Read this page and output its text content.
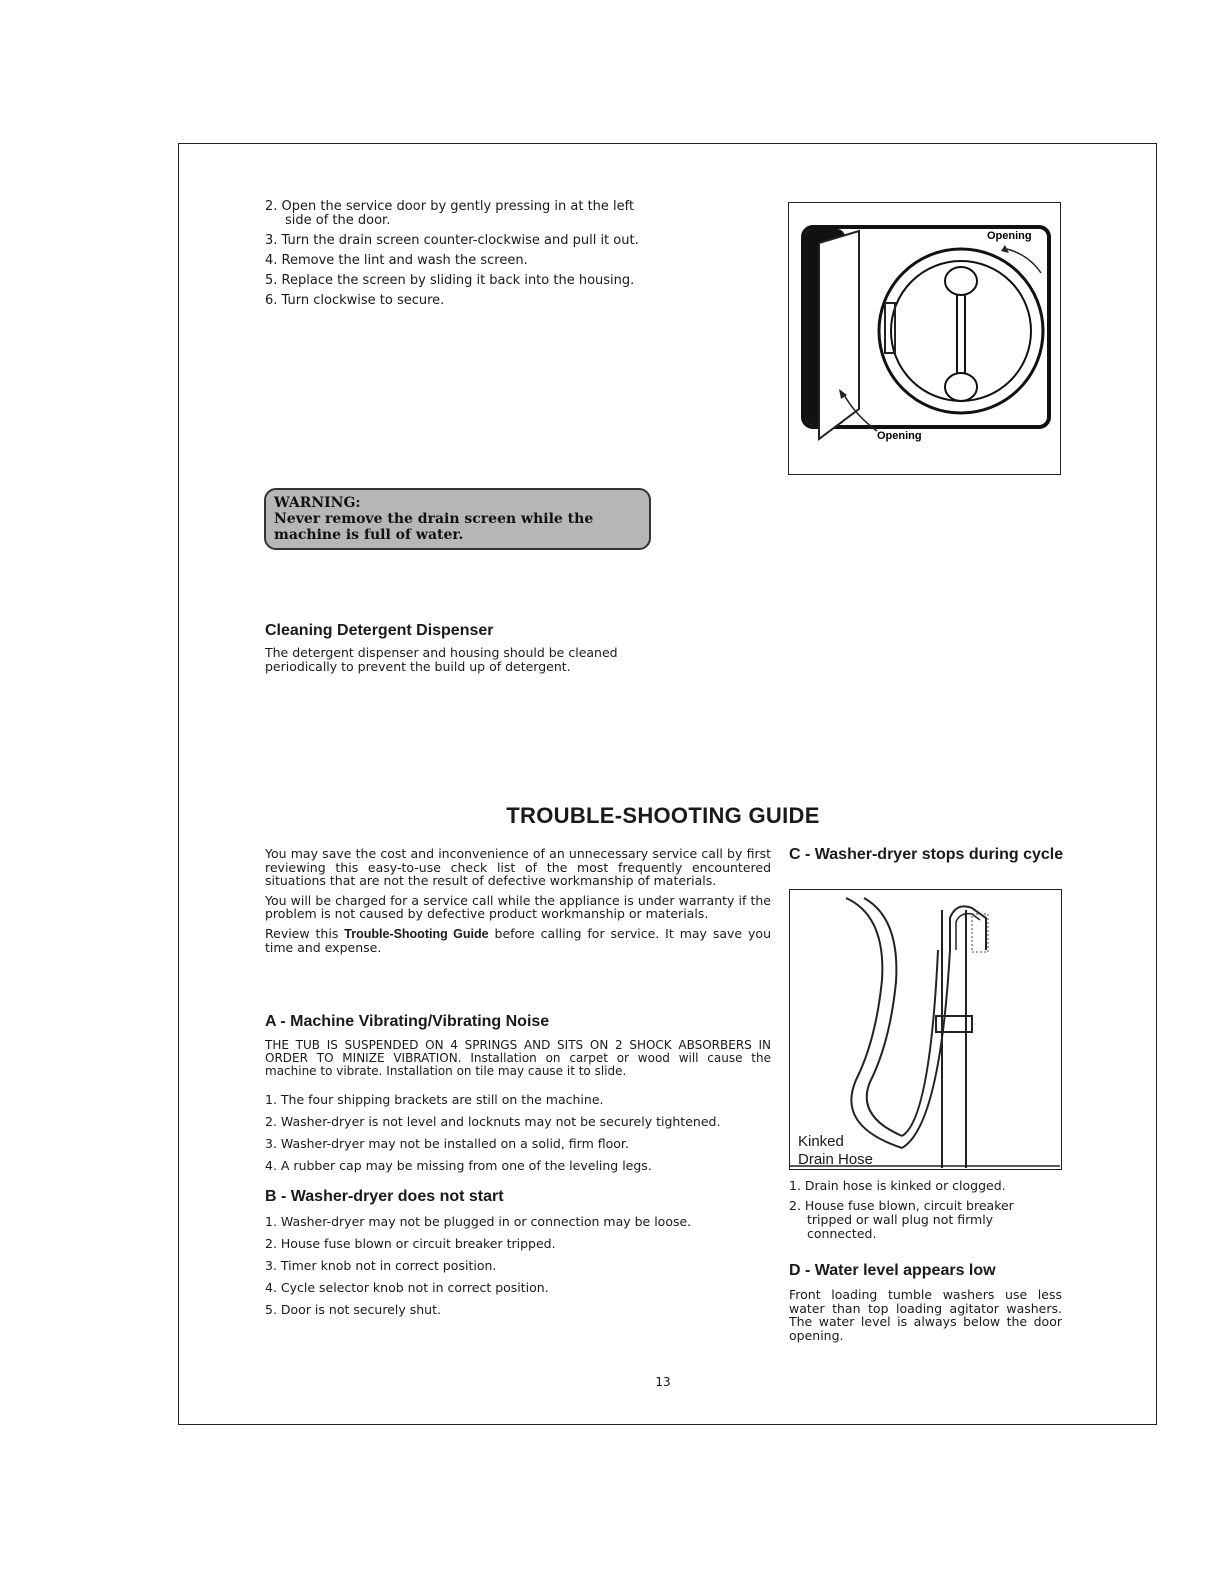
2. Open the service door by gently pressing in at the left side of the door.
3. Turn the drain screen counter-clockwise and pull it out.
4. Remove the lint and wash the screen.
5. Replace the screen by sliding it back into the housing.
6. Turn clockwise to secure.
Opening
Opening
WARNING:
Never remove the drain screen while the machine is full of water.
Cleaning Detergent Dispenser

The detergent dispenser and housing should be cleaned periodically to prevent the build up of detergent.

TROUBLE-SHOOTING GUIDE

You may save the cost and inconvenience of an unnecessary service call by first reviewing this easy-to-use check list of the most frequently encountered situations that are not the result of defective workmanship of materials.

You will be charged for a service call while the appliance is under warranty if the problem is not caused by defective product workmanship or materials.

Review this Trouble-Shooting Guide before calling for service. It may save you time and expense.

A - Machine Vibrating/Vibrating Noise

THE TUB IS SUSPENDED ON 4 SPRINGS AND SITS ON 2 SHOCK ABSORBERS IN ORDER TO MINIZE VIBRATION. Installation on carpet or wood will cause the machine to vibrate. Installation on tile may cause it to slide.

1. The four shipping brackets are still on the machine.
2. Washer-dryer is not level and locknuts may not be securely tightened.
3. Washer-dryer may not be installed on a solid, firm floor.
4. A rubber cap may be missing from one of the leveling legs.
B - Washer-dryer does not start
1. Washer-dryer may not be plugged in or connection may be loose.
2. House fuse blown or circuit breaker tripped.
3. Timer knob not in correct position.
4. Cycle selector knob not in correct position.
5. Door is not securely shut.
C - Washer-dryer stops during cycle
Kinked
Drain Hose
1. Drain hose is kinked or clogged.
2. House fuse blown, circuit breaker tripped or wall plug not firmly connected.
D - Water level appears low

Front loading tumble washers use less water than top loading agitator washers. The water level is always below the door opening.

13
